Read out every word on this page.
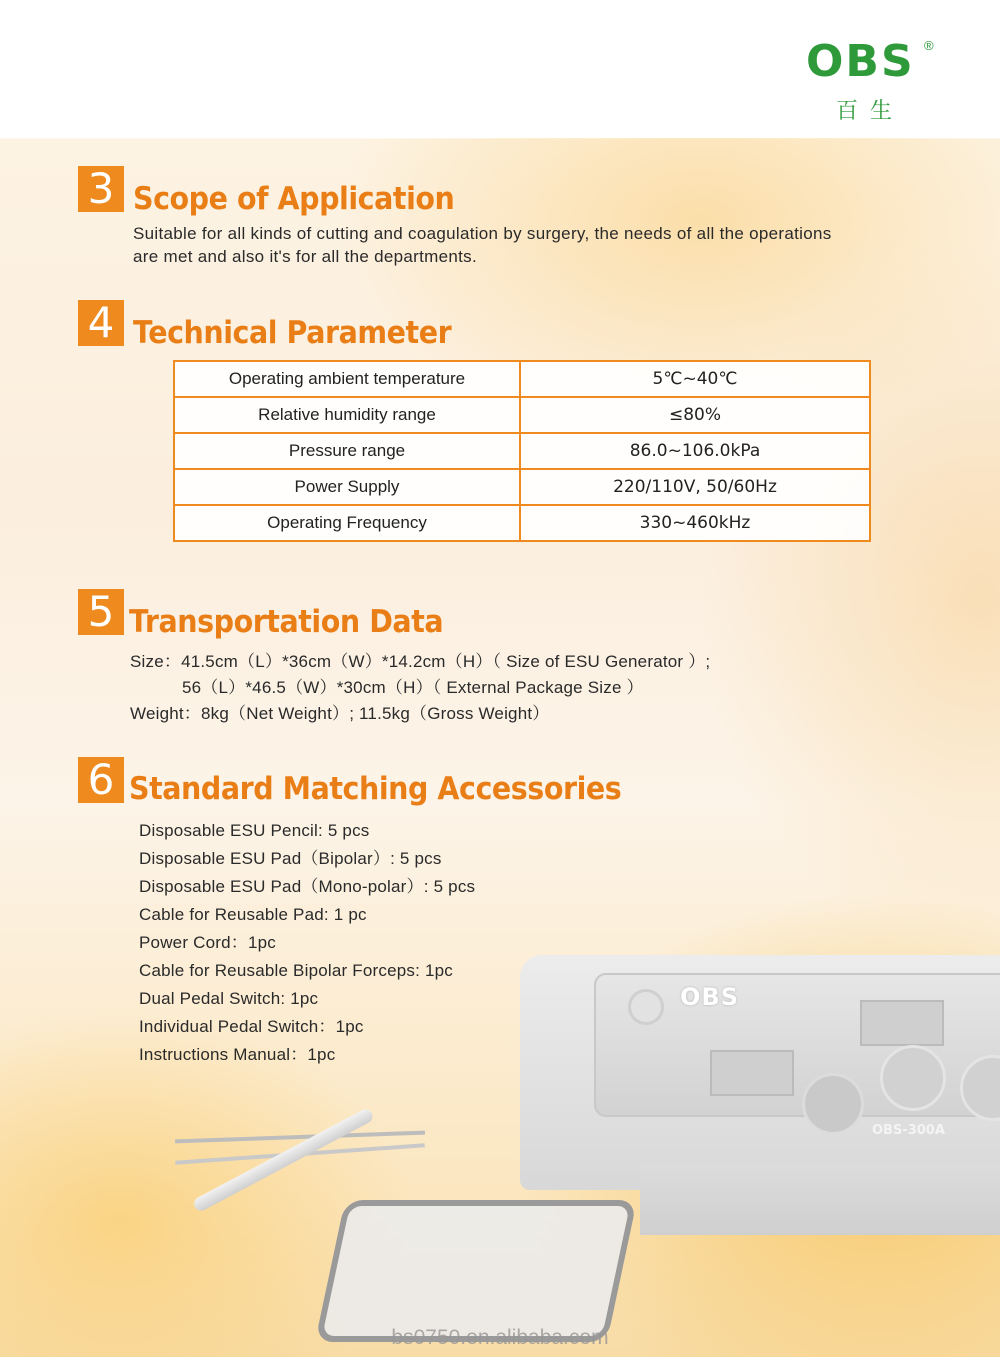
OBS ®
百生
3 Scope of Application
Suitable for all kinds of cutting and coagulation by surgery, the needs of all the operations
are met and also it's for all the departments.
4 Technical Parameter
Operating ambient temperature	5℃~40℃
Relative humidity range	≤80%
Pressure range	86.0~106.0kPa
Power Supply	220/110V, 50/60Hz
Operating Frequency	330~460kHz
5 Transportation Data
Size：41.5cm（L）*36cm（W）*14.2cm（H）（ Size of ESU Generator ）;
56（L）*46.5（W）*30cm（H）（ External Package Size ）
Weight：8kg（Net Weight）; 11.5kg（Gross Weight）
6 Standard Matching Accessories
OBS
OBS-300A
Disposable ESU Pencil: 5 pcs
Disposable ESU Pad（Bipolar）: 5 pcs
Disposable ESU Pad（Mono-polar）: 5 pcs
Cable for Reusable Pad: 1 pc
Power Cord：1pc
Cable for Reusable Bipolar Forceps: 1pc
Dual Pedal Switch: 1pc
Individual Pedal Switch：1pc
Instructions Manual：1pc
bs0750.en.alibaba.com
